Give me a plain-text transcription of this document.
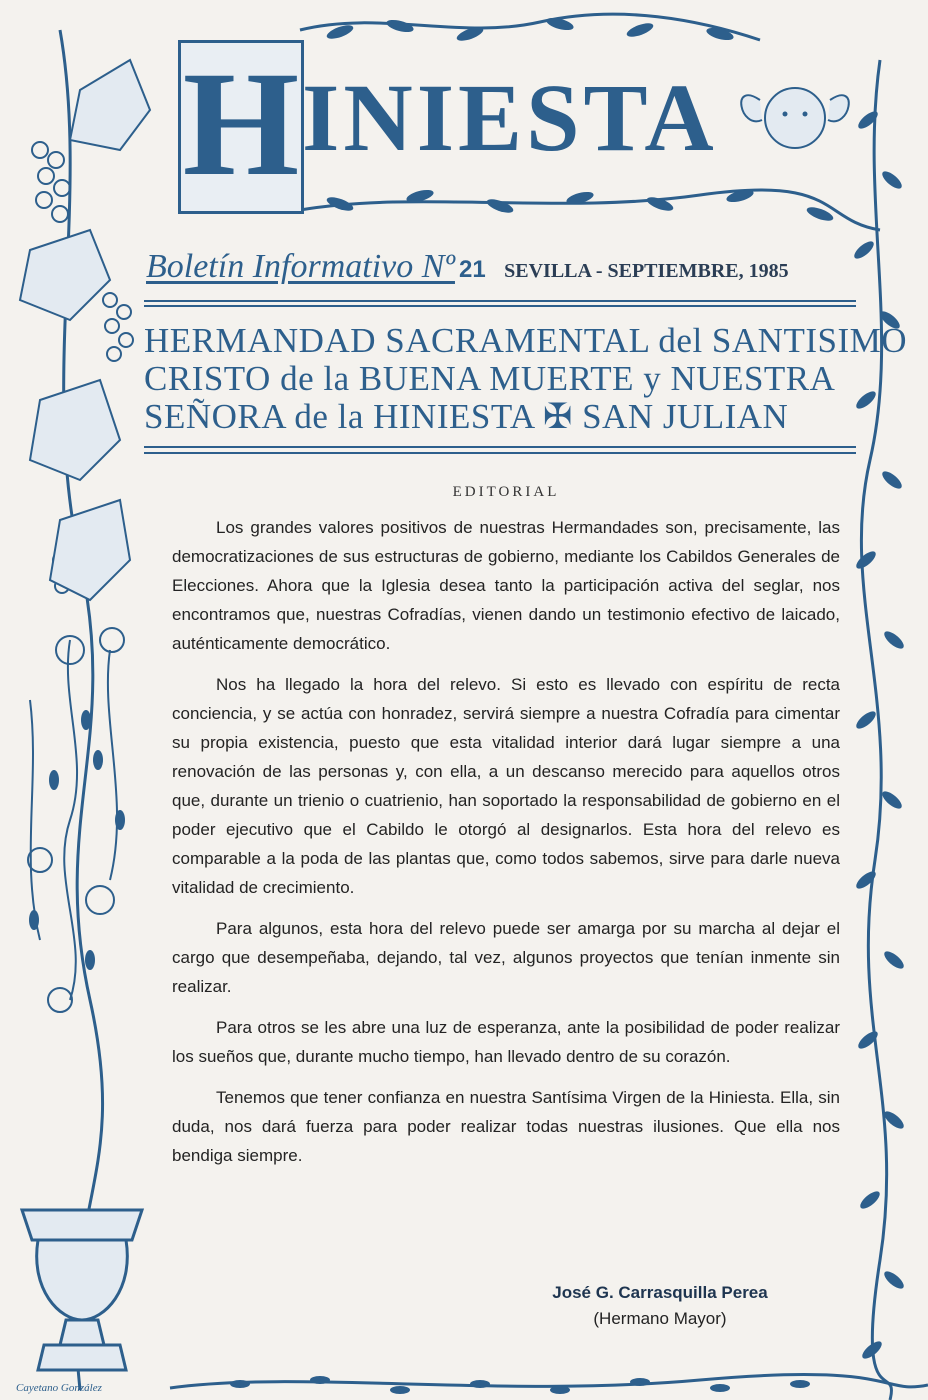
H INIESTA
Boletín Informativo Nº 21 SEVILLA - SEPTIEMBRE, 1985
HERMANDAD SACRAMENTAL del SANTISIMO
CRISTO de la BUENA MUERTE y NUESTRA
SEÑORA de la HINIESTA ✠ SAN JULIAN
EDITORIAL

Los grandes valores positivos de nuestras Hermandades son, precisamente, las democratizaciones de sus estructuras de gobierno, mediante los Cabildos Generales de Elecciones. Ahora que la Iglesia desea tanto la participación activa del seglar, nos encontramos que, nuestras Cofradías, vienen dando un testimonio efectivo de laicado, auténticamente democrático.

Nos ha llegado la hora del relevo. Si esto es llevado con espíritu de recta conciencia, y se actúa con honradez, servirá siempre a nuestra Cofradía para cimentar su propia existencia, puesto que esta vitalidad interior dará lugar siempre a una renovación de las personas y, con ella, a un descanso merecido para aquellos otros que, durante un trienio o cuatrienio, han soportado la responsabilidad de gobierno en el poder ejecutivo que el Cabildo le otorgó al designarlos. Esta hora del relevo es comparable a la poda de las plantas que, como todos sabemos, sirve para darle nueva vitalidad de crecimiento.

Para algunos, esta hora del relevo puede ser amarga por su marcha al dejar el cargo que desempeñaba, dejando, tal vez, algunos proyectos que tenían inmente sin realizar.

Para otros se les abre una luz de esperanza, ante la posibilidad de poder realizar los sueños que, durante mucho tiempo, han llevado dentro de su corazón.

Tenemos que tener confianza en nuestra Santísima Virgen de la Hiniesta. Ella, sin duda, nos dará fuerza para poder realizar todas nuestras ilusiones. Que ella nos bendiga siempre.

José G. Carrasquilla Perea
(Hermano Mayor)
Cayetano González
